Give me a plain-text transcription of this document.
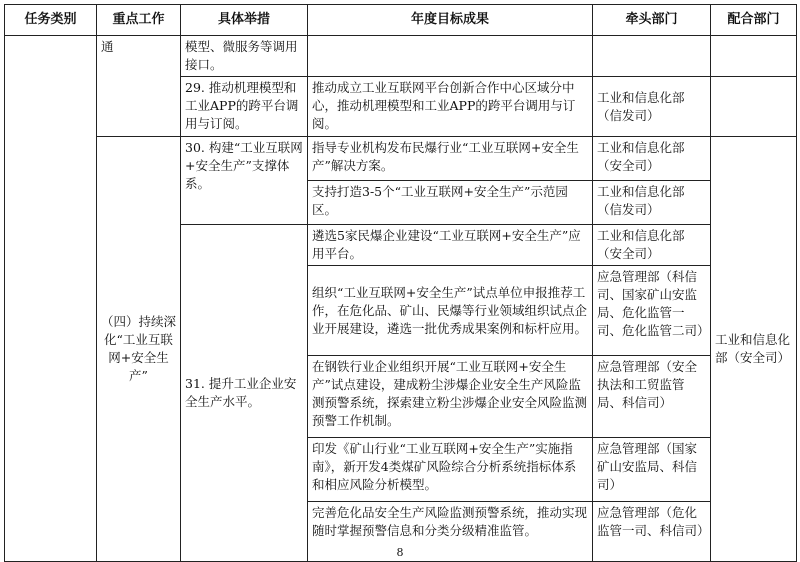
任务类别	重点工作	具体举措	年度目标成果	牵头部门	配合部门
	通	模型、微服务等调用接口。			
		29. 推动机理模型和工业APP的跨平台调用与订阅。	推动成立工业互联网平台创新合作中心区域分中心，推动机理模型和工业APP的跨平台调用与订阅。	工业和信息化部（信发司）	
	（四）持续深化“工业互联网+安全生产”	30. 构建“工业互联网+安全生产”支撑体系。	指导专业机构发布民爆行业“工业互联网+安全生产”解决方案。	工业和信息化部（安全司）	工业和信息化部（安全司）
			支持打造3-5个“工业互联网+安全生产”示范园区。	工业和信息化部（信发司）	
		31. 提升工业企业安全生产水平。	遴选5家民爆企业建设“工业互联网+安全生产”应用平台。	工业和信息化部（安全司）	
			组织“工业互联网+安全生产”试点单位申报推荐工作，在危化品、矿山、民爆等行业领域组织试点企业开展建设，遴选一批优秀成果案例和标杆应用。	应急管理部（科信司、国家矿山安监局、危化监管一司、危化监管二司）	
			在钢铁行业企业组织开展“工业互联网+安全生产”试点建设，建成粉尘涉爆企业安全生产风险监测预警系统，探索建立粉尘涉爆企业安全风险监测预警工作机制。	应急管理部（安全执法和工贸监管局、科信司）	
			印发《矿山行业“工业互联网+安全生产”实施指南》，新开发4类煤矿风险综合分析系统指标体系和相应风险分析模型。	应急管理部（国家矿山安监局、科信司）	
			完善危化品安全生产风险监测预警系统，推动实现随时掌握预警信息和分类分级精准监管。	应急管理部（危化监管一司、科信司）	
8
